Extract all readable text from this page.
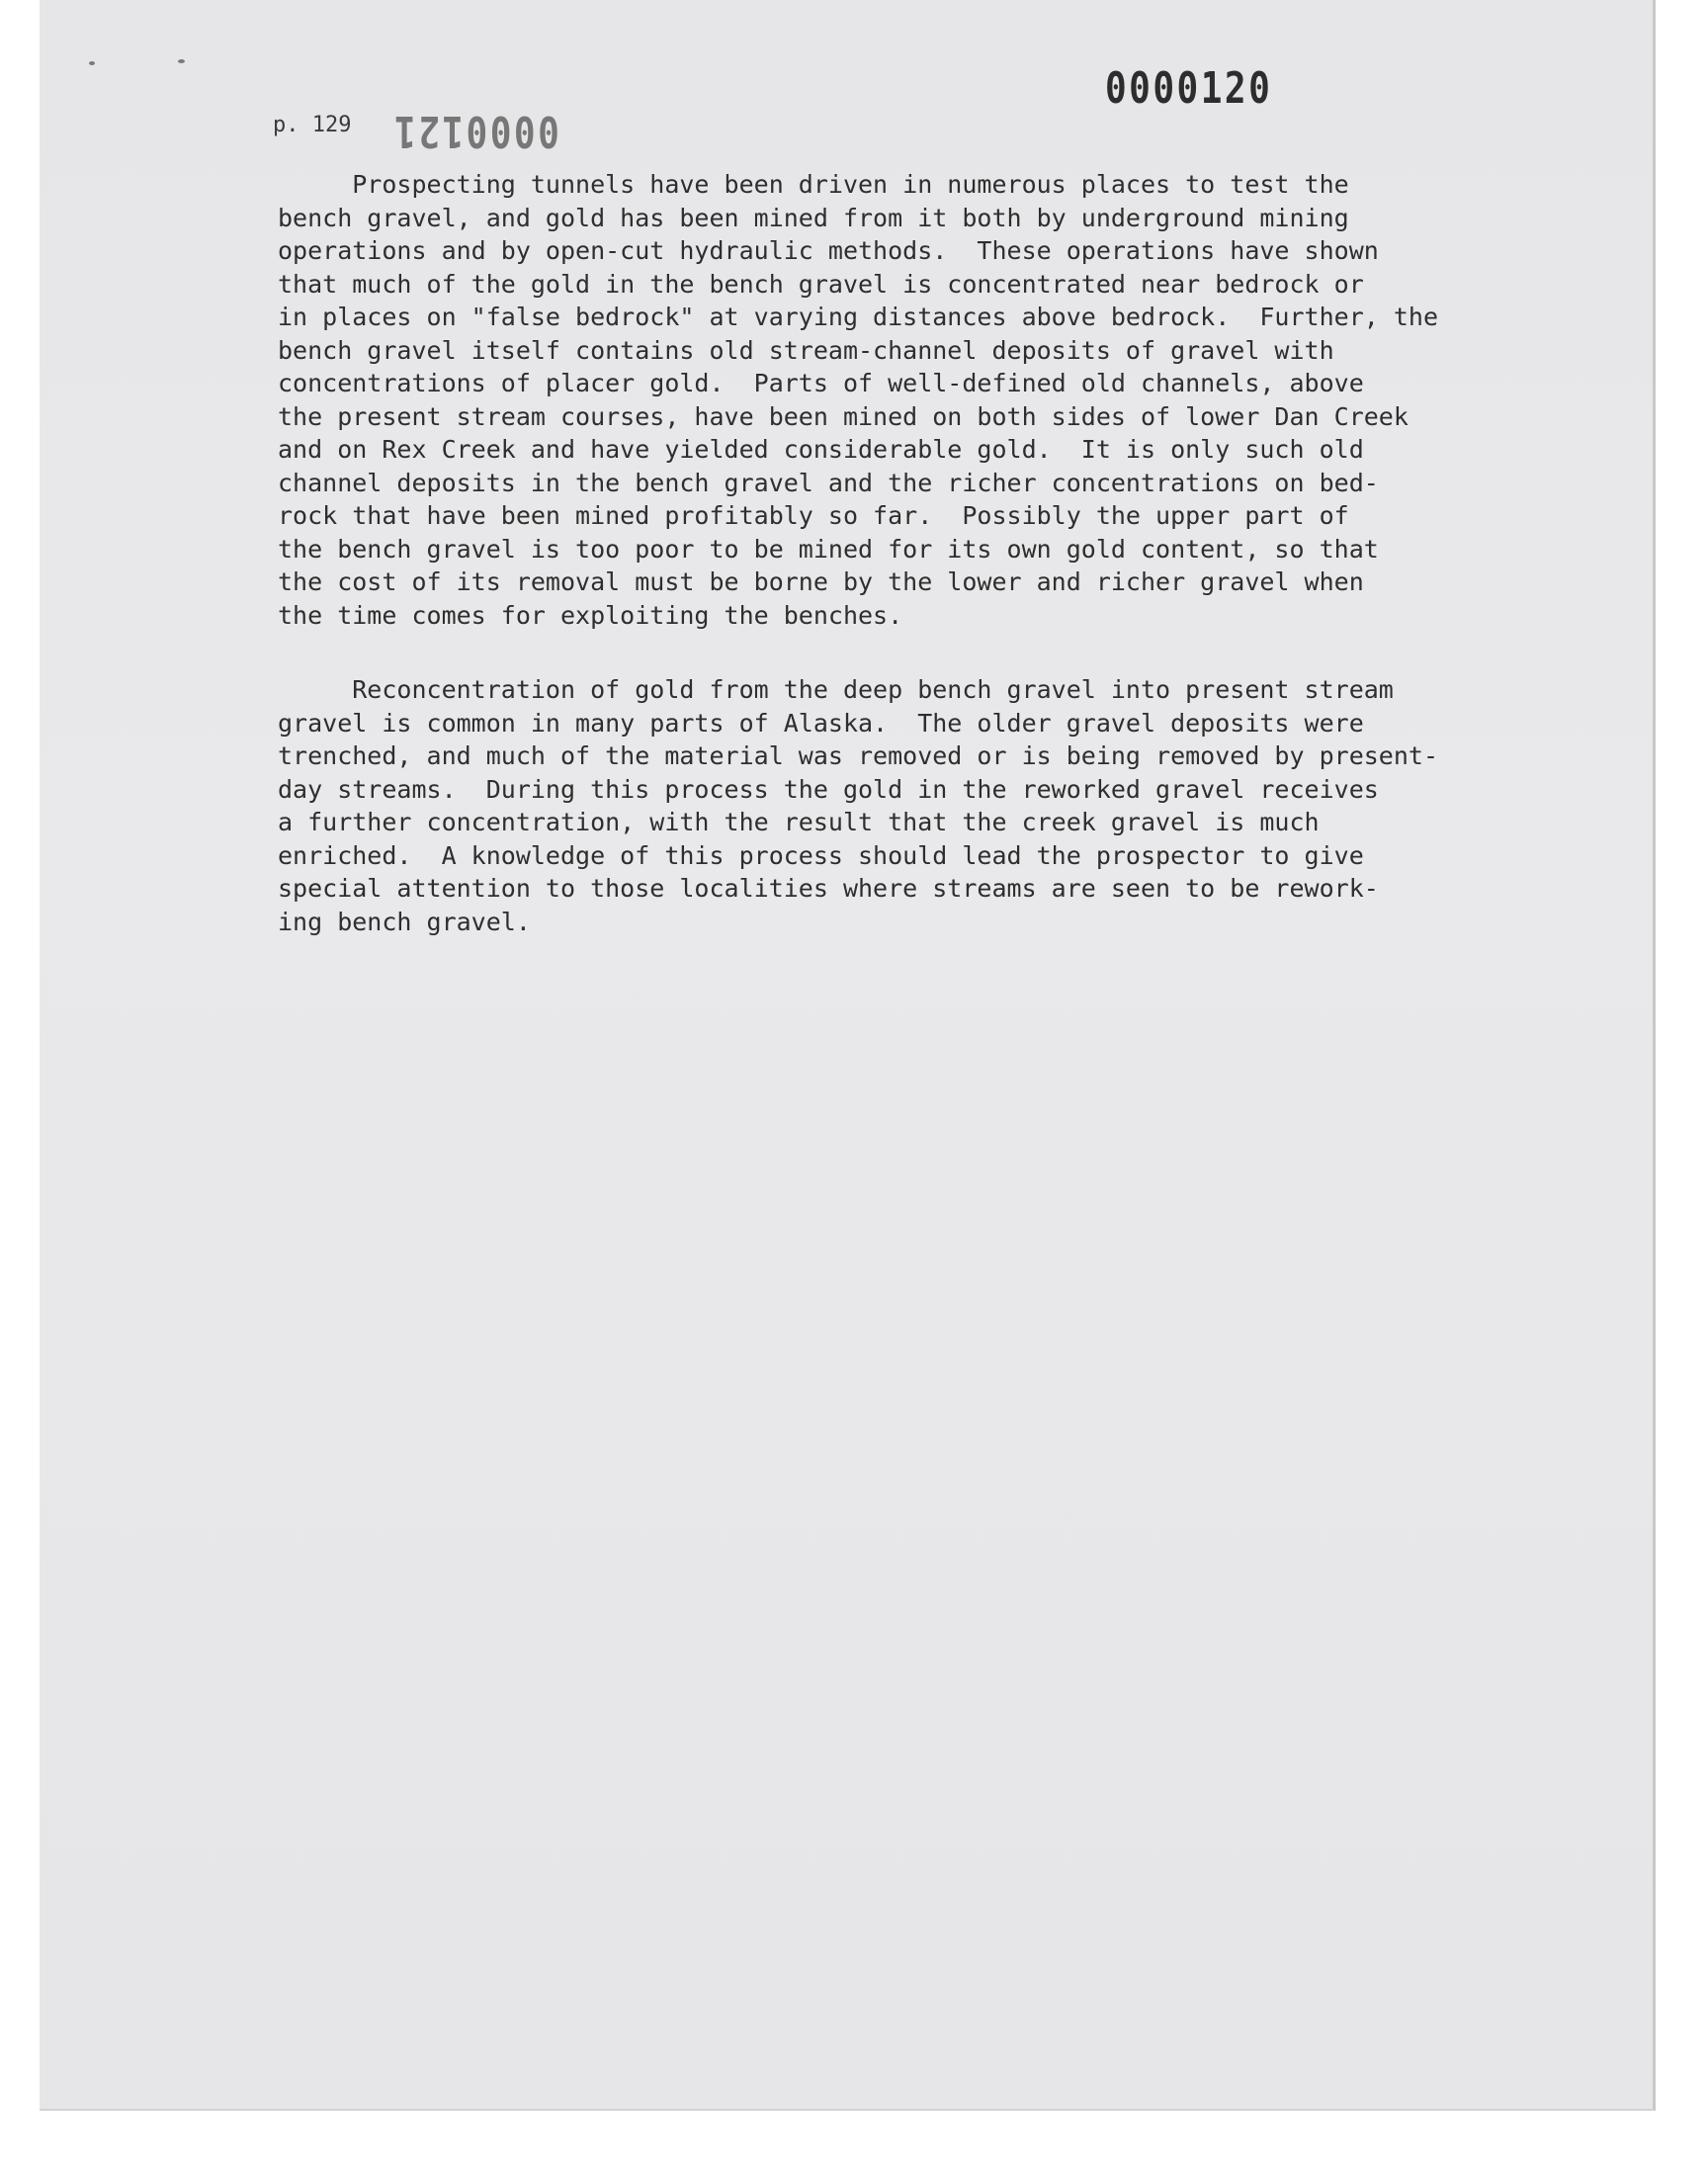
p. 129 0000121
0000120
Prospecting tunnels have been driven in numerous places to test the
bench gravel, and gold has been mined from it both by underground mining
operations and by open-cut hydraulic methods.  These operations have shown
that much of the gold in the bench gravel is concentrated near bedrock or
in places on "false bedrock" at varying distances above bedrock.  Further, the
bench gravel itself contains old stream-channel deposits of gravel with
concentrations of placer gold.  Parts of well-defined old channels, above
the present stream courses, have been mined on both sides of lower Dan Creek
and on Rex Creek and have yielded considerable gold.  It is only such old
channel deposits in the bench gravel and the richer concentrations on bed-
rock that have been mined profitably so far.  Possibly the upper part of
the bench gravel is too poor to be mined for its own gold content, so that
the cost of its removal must be borne by the lower and richer gravel when
the time comes for exploiting the benches.
Reconcentration of gold from the deep bench gravel into present stream
gravel is common in many parts of Alaska.  The older gravel deposits were
trenched, and much of the material was removed or is being removed by present-
day streams.  During this process the gold in the reworked gravel receives
a further concentration, with the result that the creek gravel is much
enriched.  A knowledge of this process should lead the prospector to give
special attention to those localities where streams are seen to be rework-
ing bench gravel.
